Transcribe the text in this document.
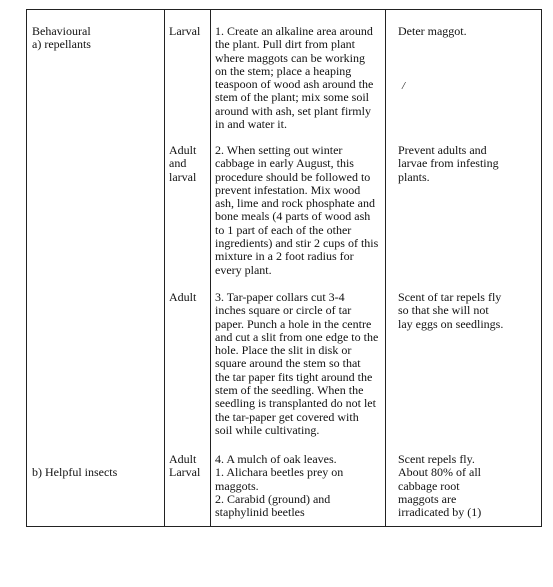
Behavioural
a) repellants
Larval 1. Create an alkaline area around
the plant. Pull dirt from plant
where maggots can be working
on the stem; place a heaping
teaspoon of wood ash around the
stem of the plant; mix some soil
around with ash, set plant firmly
in and water it.
Deter maggot.
/
Adult
and
larval
2. When setting out winter
cabbage in early August, this
procedure should be followed to
prevent infestation. Mix wood
ash, lime and rock phosphate and
bone meals (4 parts of wood ash
to 1 part of each of the other
ingredients) and stir 2 cups of this
mixture in a 2 foot radius for
every plant.
Prevent adults and
larvae from infesting
plants.
Adult 3. Tar-paper collars cut 3-4
inches square or circle of tar
paper. Punch a hole in the centre
and cut a slit from one edge to the
hole. Place the slit in disk or
square around the stem so that
the tar paper fits tight around the
stem of the seedling. When the
seedling is transplanted do not let
the tar-paper get covered with
soil while cultivating.
Scent of tar repels fly
so that she will not
lay eggs on seedlings.
b) Helpful insects
Adult
Larval
4. A mulch of oak leaves.
1. Alichara beetles prey on
maggots.
2. Carabid (ground) and
staphylinid beetles
Scent repels fly.
About 80% of all
cabbage root
maggots are
irradicated by (1)
